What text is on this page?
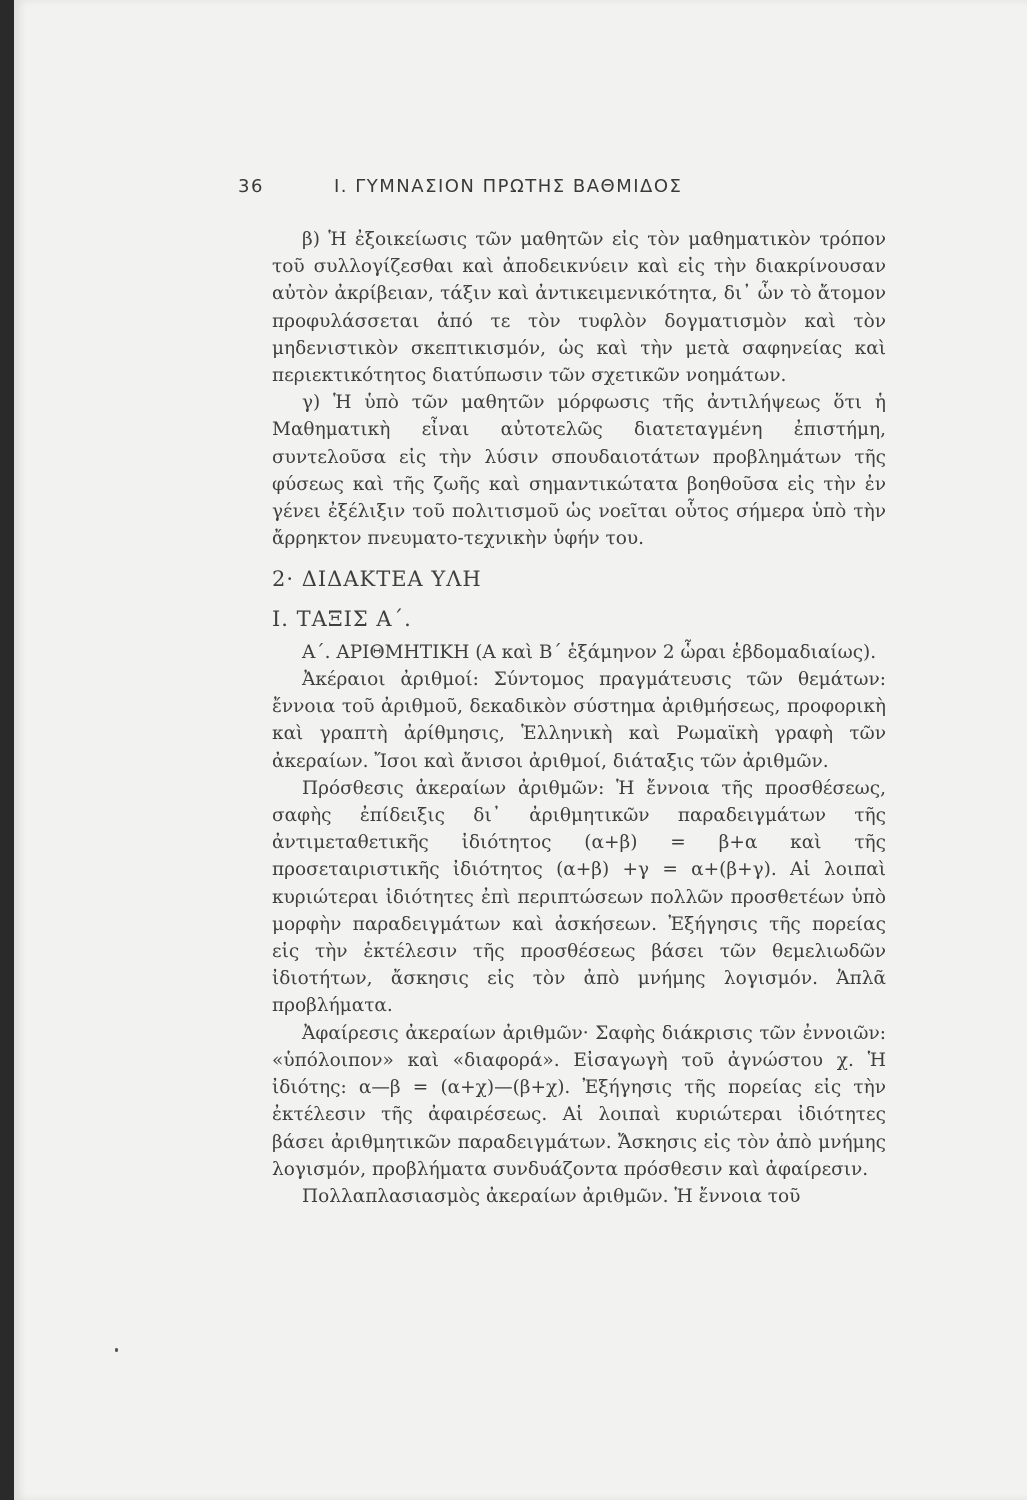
36	Ι. ΓΥΜΝΑΣΙΟΝ ΠΡΩΤΗΣ ΒΑΘΜΙΔΟΣ

β) Ἡ ἐξοικείωσις τῶν μαθητῶν εἰς τὸν μαθηματικὸν τρόπον τοῦ συλλογίζεσθαι καὶ ἀποδεικνύειν καὶ εἰς τὴν διακρίνουσαν αὐτὸν ἀκρίβειαν, τάξιν καὶ ἀντικειμενικότητα, δι᾽ ὧν τὸ ἄτομον προφυλάσσεται ἀπό τε τὸν τυφλὸν δογματισμὸν καὶ τὸν μηδενιστικὸν σκεπτικισμόν, ὡς καὶ τὴν μετὰ σαφηνείας καὶ περιεκτικότητος διατύπωσιν τῶν σχετικῶν νοημάτων.

γ) Ἡ ὑπὸ τῶν μαθητῶν μόρφωσις τῆς ἀντιλήψεως ὅτι ἡ Μαθηματικὴ εἶναι αὐτοτελῶς διατεταγμένη ἐπιστήμη, συντελοῦσα εἰς τὴν λύσιν σπουδαιοτάτων προβλημάτων τῆς φύσεως καὶ τῆς ζωῆς καὶ σημαντικώτατα βοηθοῦσα εἰς τὴν ἐν γένει ἐξέλιξιν τοῦ πολιτισμοῦ ὡς νοεῖται οὗτος σήμερα ὑπὸ τὴν ἄρρηκτον πνευματο-τεχνικὴν ὑφήν του.

2· ΔΙΔΑΚΤΕΑ ΥΛΗ

Ι. ΤΑΞΙΣ Α΄.

Α΄. ΑΡΙΘΜΗΤΙΚΗ (Α καὶ Β΄ ἑξάμηνον 2 ὧραι ἑβδομαδιαίως).

Ἀκέραιοι ἀριθμοί: Σύντομος πραγμάτευσις τῶν θεμάτων: ἔννοια τοῦ ἀριθμοῦ, δεκαδικὸν σύστημα ἀριθμήσεως, προφορικὴ καὶ γραπτὴ ἀρίθμησις, Ἑλληνικὴ καὶ Ρωμαϊκὴ γραφὴ τῶν ἀκεραίων. Ἴσοι καὶ ἄνισοι ἀριθμοί, διάταξις τῶν ἀριθμῶν.

Πρόσθεσις ἀκεραίων ἀριθμῶν: Ἡ ἔννοια τῆς προσθέσεως, σαφὴς ἐπίδειξις δι᾽ ἀριθμητικῶν παραδειγμάτων τῆς ἀντιμεταθετικῆς ἰδιότητος (α+β) = β+α καὶ τῆς προσεταιριστικῆς ἰδιότητος (α+β) +γ = α+(β+γ). Αἱ λοιπαὶ κυριώτεραι ἰδιότητες ἐπὶ περιπτώσεων πολλῶν προσθετέων ὑπὸ μορφὴν παραδειγμάτων καὶ ἀσκήσεων. Ἐξήγησις τῆς πορείας εἰς τὴν ἐκτέλεσιν τῆς προσθέσεως βάσει τῶν θεμελιωδῶν ἰδιοτήτων, ἄσκησις εἰς τὸν ἀπὸ μνήμης λογισμόν. Ἁπλᾶ προβλήματα.

Ἀφαίρεσις ἀκεραίων ἀριθμῶν· Σαφὴς διάκρισις τῶν ἐννοιῶν: «ὑπόλοιπον» καὶ «διαφορά». Εἰσαγωγὴ τοῦ ἀγνώστου χ. Ἡ ἰδιότης: α—β = (α+χ)—(β+χ). Ἐξήγησις τῆς πορείας εἰς τὴν ἐκτέλεσιν τῆς ἀφαιρέσεως. Αἱ λοιπαὶ κυριώτεραι ἰδιότητες βάσει ἀριθμητικῶν παραδειγμάτων. Ἄσκησις εἰς τὸν ἀπὸ μνήμης λογισμόν, προβλήματα συνδυάζοντα πρόσθεσιν καὶ ἀφαίρεσιν.

Πολλαπλασιασμὸς ἀκεραίων ἀριθμῶν. Ἡ ἔννοια τοῦ
